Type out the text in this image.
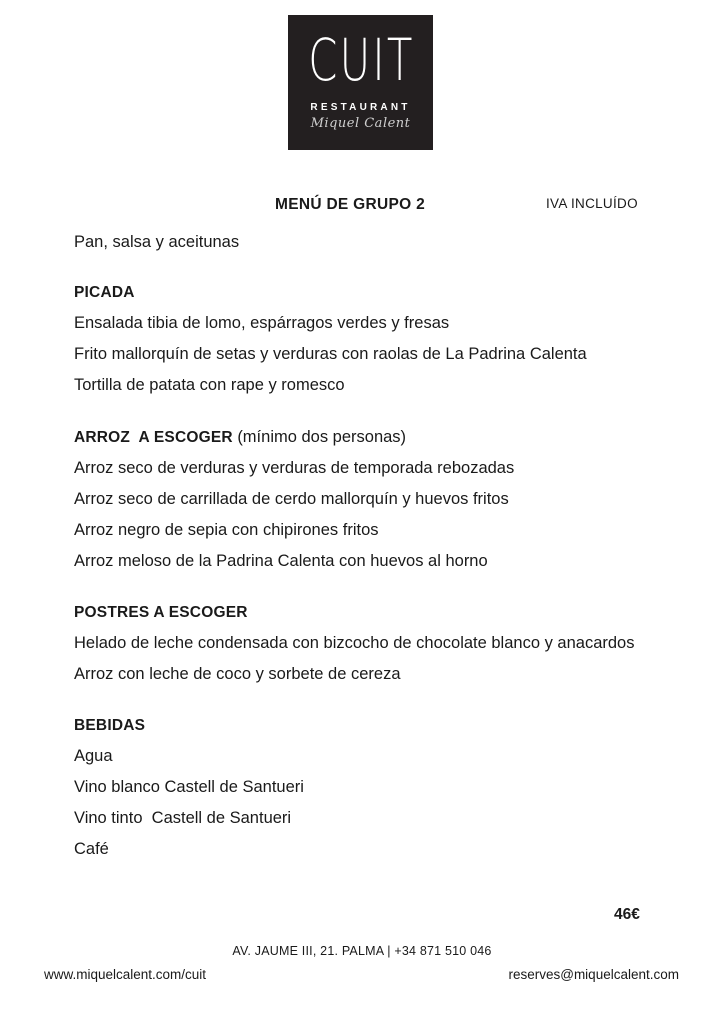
CUIT
RESTAURANT
Miquel Calent
MENÚ DE GRUPO 2	IVA INCLUÍDO
Pan, salsa y aceitunas
PICADA
Ensalada tibia de lomo, espárragos verdes y fresas
Frito mallorquín de setas y verduras con raolas de La Padrina Calenta
Tortilla de patata con rape y romesco
ARROZ  A ESCOGER (mínimo dos personas)
Arroz seco de verduras y verduras de temporada rebozadas
Arroz seco de carrillada de cerdo mallorquín y huevos fritos
Arroz negro de sepia con chipirones fritos
Arroz meloso de la Padrina Calenta con huevos al horno
POSTRES A ESCOGER
Helado de leche condensada con bizcocho de chocolate blanco y anacardos
Arroz con leche de coco y sorbete de cereza
BEBIDAS
Agua
Vino blanco Castell de Santueri
Vino tinto  Castell de Santueri
Café
46€
AV. JAUME III, 21. PALMA | +34 871 510 046
www.miquelcalent.com/cuit	reserves@miquelcalent.com
